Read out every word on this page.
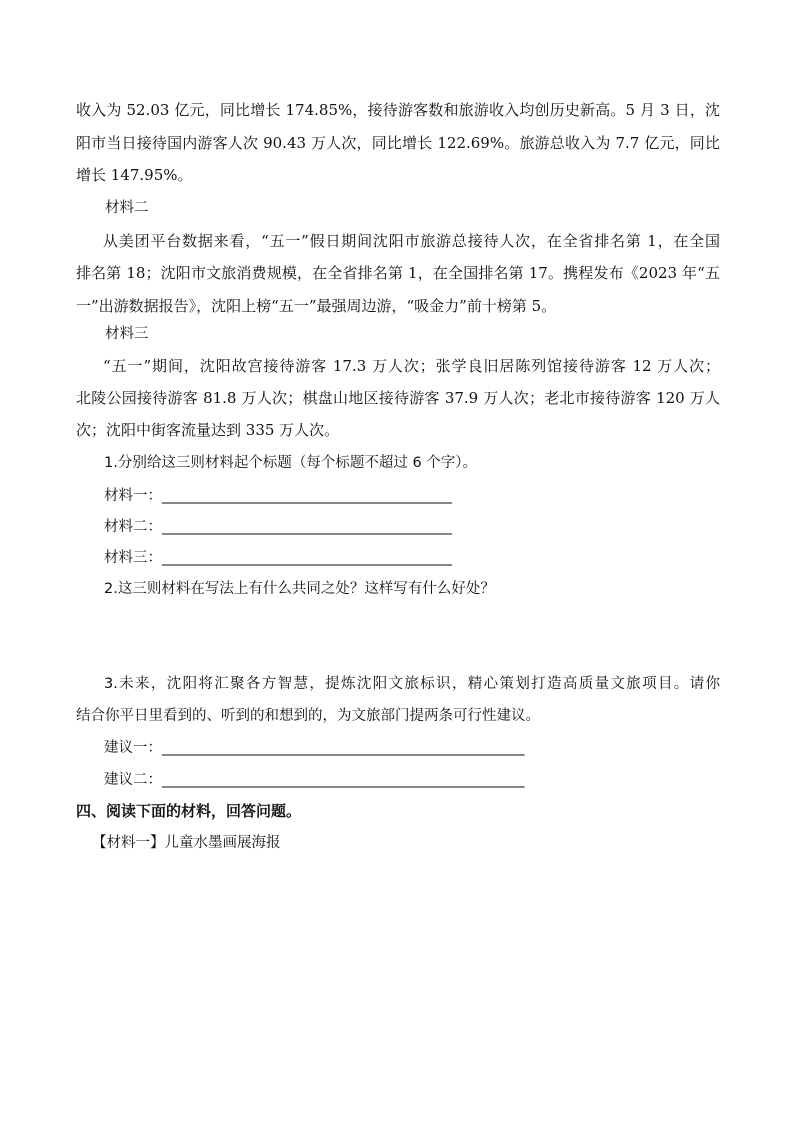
收入为 52.03 亿元，同比增长 174.85%，接待游客数和旅游收入均创历史新高。5 月 3 日，沈
阳市当日接待国内游客人次 90.43 万人次，同比增长 122.69%。旅游总收入为 7.7 亿元，同比
增长 147.95%。
材料二
从美团平台数据来看，“五一”假日期间沈阳市旅游总接待人次，在全省排名第 1，在全国
排名第 18；沈阳市文旅消费规模，在全省排名第 1，在全国排名第 17。携程发布《2023 年“五
一”出游数据报告》，沈阳上榜“五一”最强周边游，“吸金力”前十榜第 5。
材料三
“五一”期间，沈阳故宫接待游客 17.3 万人次；张学良旧居陈列馆接待游客 12 万人次；
北陵公园接待游客 81.8 万人次；棋盘山地区接待游客 37.9 万人次；老北市接待游客 120 万人
次；沈阳中街客流量达到 335 万人次。
1.分别给这三则材料起个标题（每个标题不超过 6 个字）。
材料一：________________________________________
材料二：________________________________________
材料三：________________________________________
2.这三则材料在写法上有什么共同之处？这样写有什么好处？
3.未来，沈阳将汇聚各方智慧，提炼沈阳文旅标识，精心策划打造高质量文旅项目。请你
结合你平日里看到的、听到的和想到的，为文旅部门提两条可行性建议。
建议一：__________________________________________________
建议二：__________________________________________________
四、阅读下面的材料，回答问题。
【材料一】儿童水墨画展海报
